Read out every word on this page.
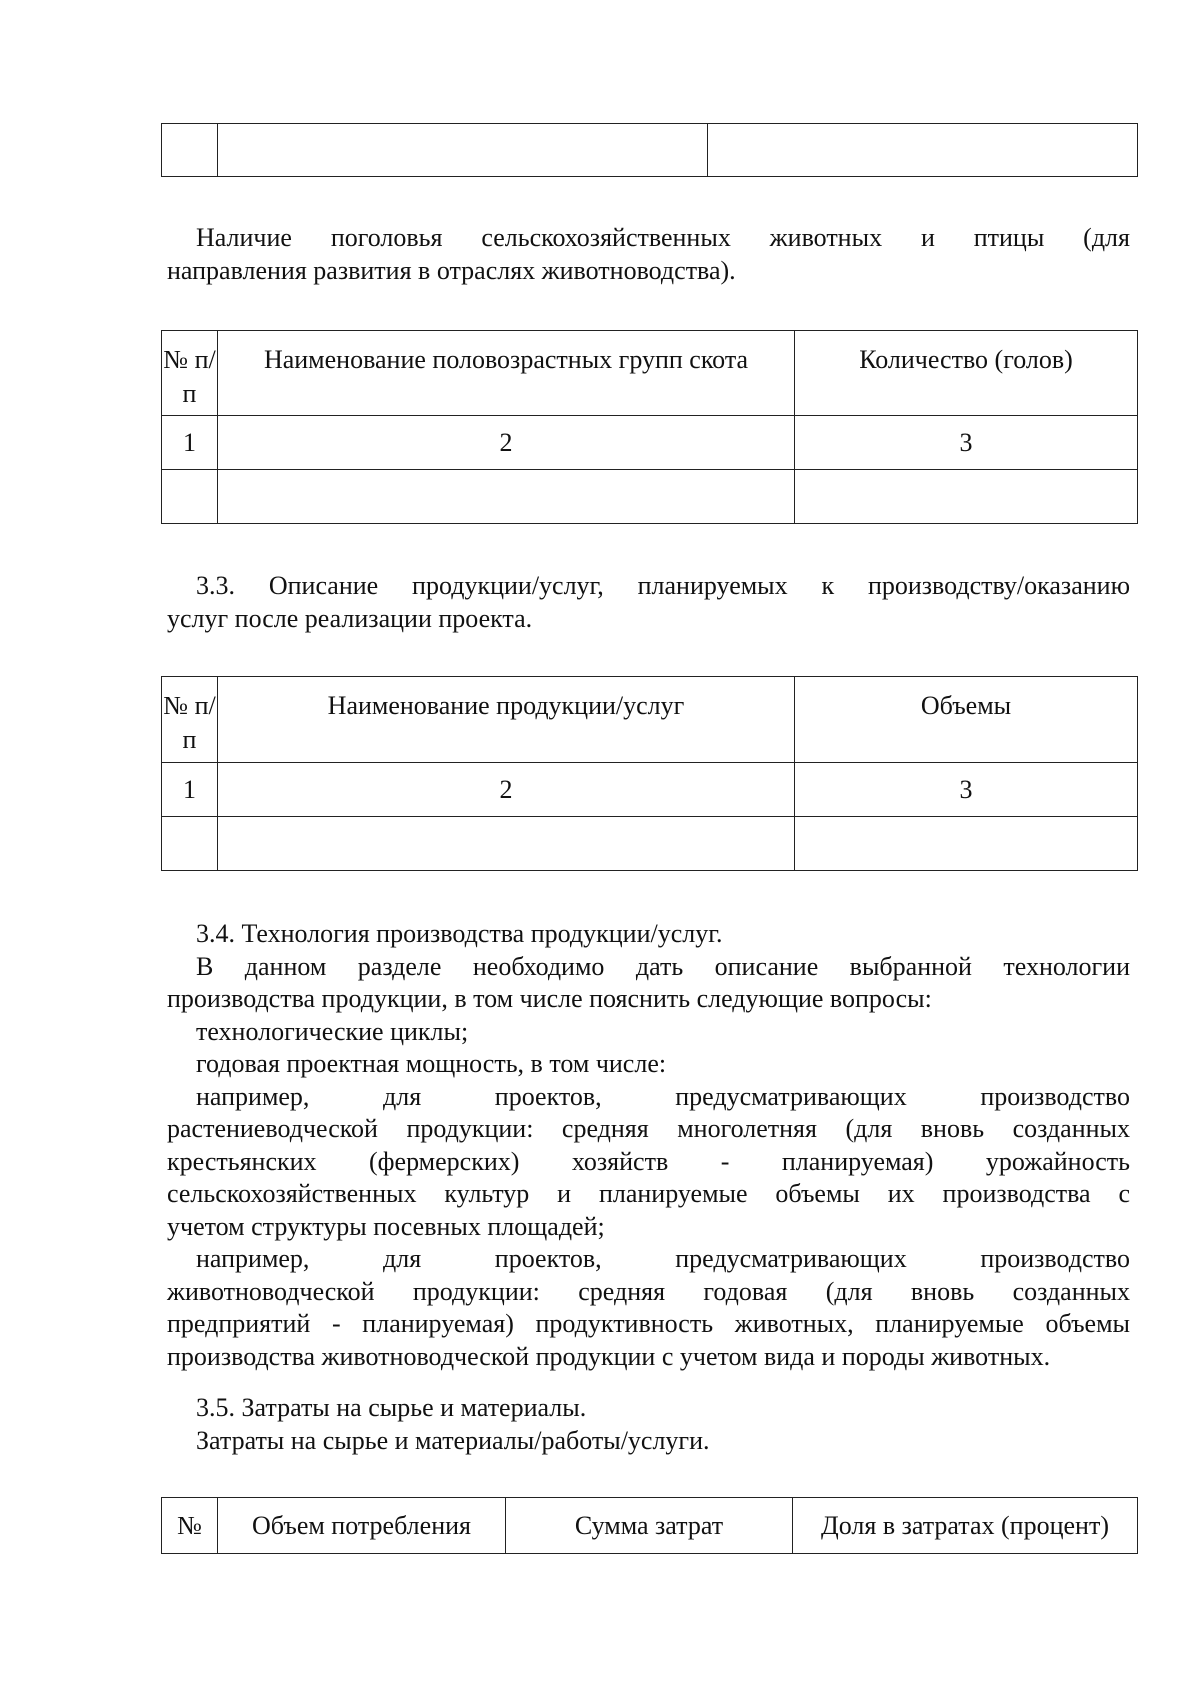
Наличие поголовья сельскохозяйственных животных и птицы (для
направления развития в отраслях животноводства).
№ п/п	Наименование половозрастных групп скота	Количество (голов)
1	2	3

3.3. Описание продукции/услуг, планируемых к производству/оказанию
услуг после реализации проекта.
№ п/п	Наименование продукции/услуг	Объемы
1	2	3

3.4. Технология производства продукции/услуг.
В данном разделе необходимо дать описание выбранной технологии
производства продукции, в том числе пояснить следующие вопросы:
технологические циклы;
годовая проектная мощность, в том числе:
например, для проектов, предусматривающих производство
растениеводческой продукции: средняя многолетняя (для вновь созданных
крестьянских (фермерских) хозяйств - планируемая) урожайность
сельскохозяйственных культур и планируемые объемы их производства с
учетом структуры посевных площадей;
например, для проектов, предусматривающих производство
животноводческой продукции: средняя годовая (для вновь созданных
предприятий - планируемая) продуктивность животных, планируемые объемы
производства животноводческой продукции с учетом вида и породы животных.
3.5. Затраты на сырье и материалы.
Затраты на сырье и материалы/работы/услуги.
№	Объем потребления	Сумма затрат	Доля в затратах (процент)
